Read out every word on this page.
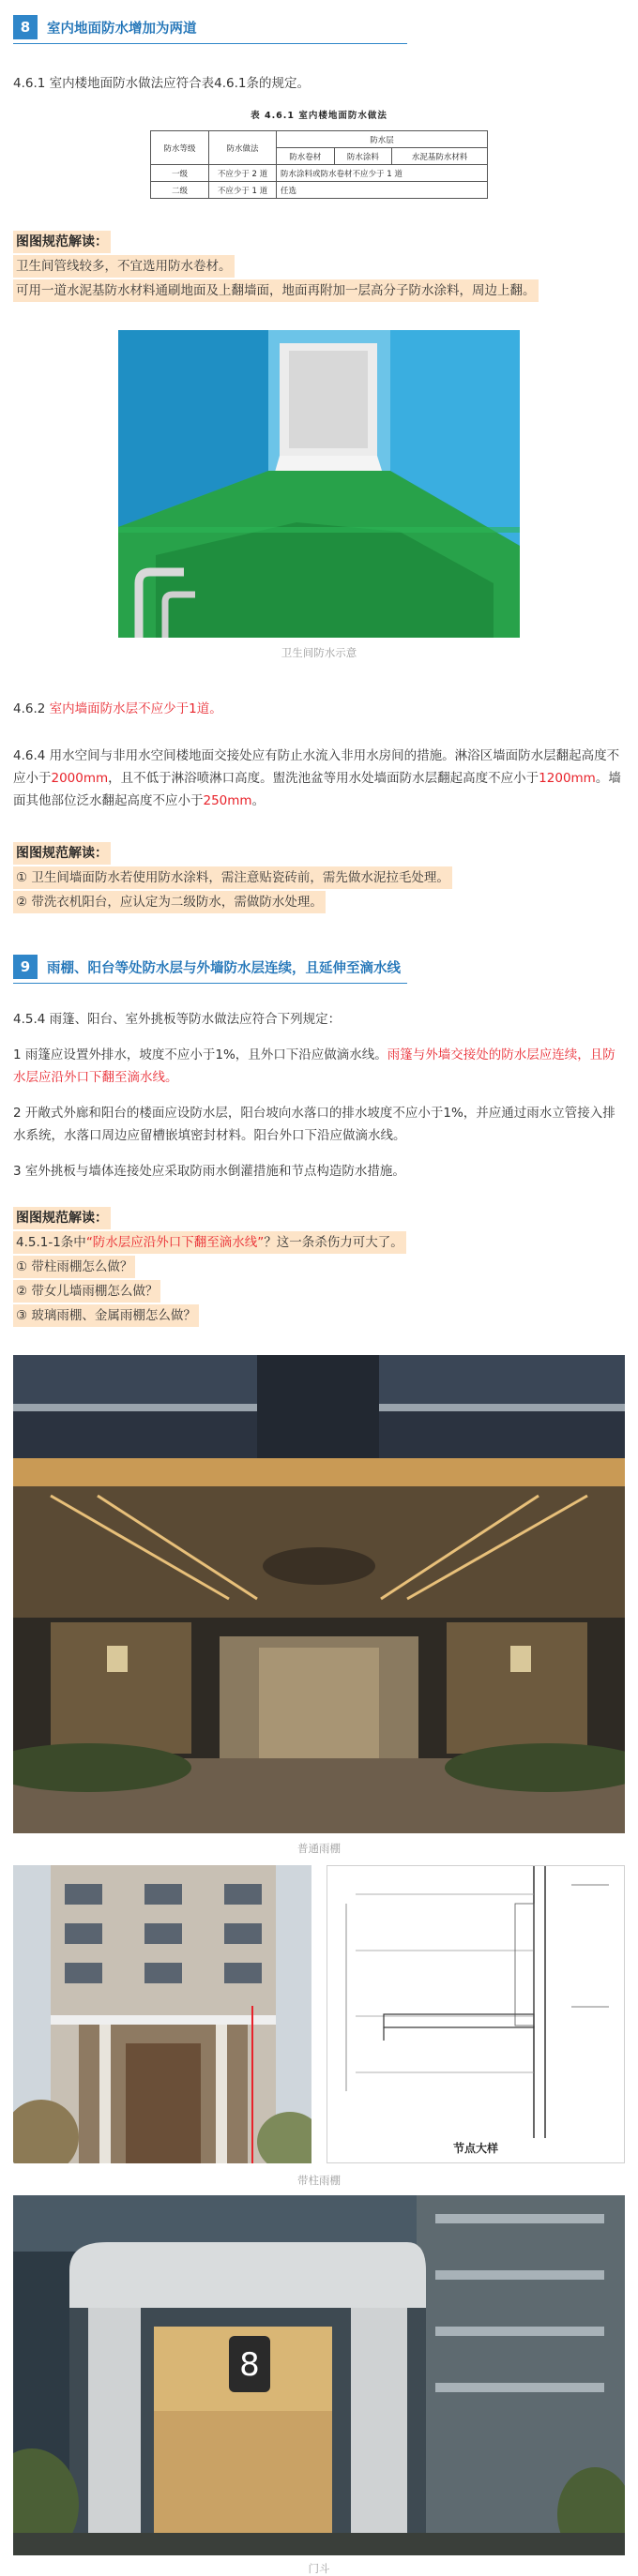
8	室内地面防水增加为两道

4.6.1 室内楼地面防水做法应符合表4.6.1条的规定。

表 4.6.1 室内楼地面防水做法
防水等级	防水做法	防水层		
		防水卷材	防水涂料	水泥基防水材料
一级	不应少于 2 道	防水涂料或防水卷材不应少于 1 道		
二级	不应少于 1 道	任选		
图图规范解读：
卫生间管线较多，不宜选用防水卷材。
可用一道水泥基防水材料通刷地面及上翻墙面，地面再附加一层高分子防水涂料，周边上翻。
卫生间防水示意

4.6.2 室内墙面防水层不应少于1道。

4.6.4 用水空间与非用水空间楼地面交接处应有防止水流入非用水房间的措施。淋浴区墙面防水层翻起高度不应小于2000mm，且不低于淋浴喷淋口高度。盥洗池盆等用水处墙面防水层翻起高度不应小于1200mm。墙面其他部位泛水翻起高度不应小于250mm。

图图规范解读：
① 卫生间墙面防水若使用防水涂料，需注意贴瓷砖前，需先做水泥拉毛处理。
② 带洗衣机阳台，应认定为二级防水，需做防水处理。
9	雨棚、阳台等处防水层与外墙防水层连续，且延伸至滴水线

4.5.4 雨篷、阳台、室外挑板等防水做法应符合下列规定：

1 雨篷应设置外排水，坡度不应小于1%，且外口下沿应做滴水线。雨篷与外墙交接处的防水层应连续，且防水层应沿外口下翻至滴水线。

2 开敞式外廊和阳台的楼面应设防水层，阳台坡向水落口的排水坡度不应小于1%，并应通过雨水立管接入排水系统，水落口周边应留槽嵌填密封材料。阳台外口下沿应做滴水线。

3 室外挑板与墙体连接处应采取防雨水倒灌措施和节点构造防水措施。

图图规范解读：
4.5.1-1条中“防水层应沿外口下翻至滴水线”？这一条杀伤力可大了。
① 带柱雨棚怎么做？
② 带女儿墙雨棚怎么做？
③ 玻璃雨棚、金属雨棚怎么做？
普通雨棚
节点大样
带柱雨棚
8
门斗
